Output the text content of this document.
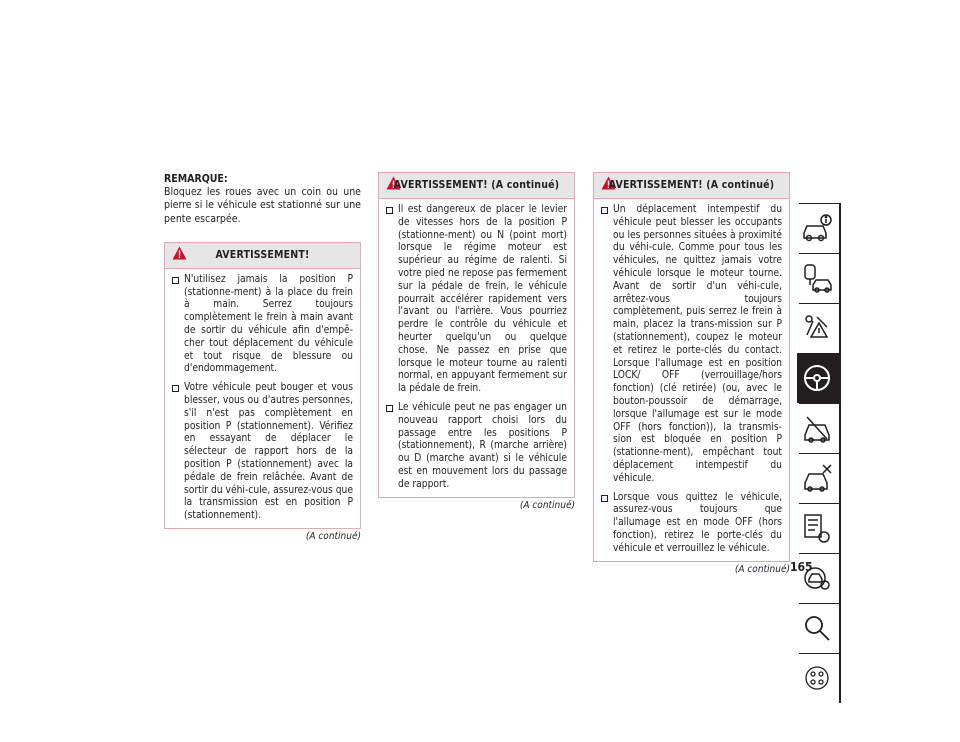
REMARQUE:
Bloquez les roues avec un coin ou une pierre si le véhicule est stationné sur une pente escarpée.
AVERTISSEMENT!
N'utilisez jamais la position P (stationne-ment) à la place du frein à main. Serrez toujours complètement le frein à main avant de sortir du véhicule afin d'empê-cher tout déplacement du véhicule et tout risque de blessure ou d'endommagement.
Votre véhicule peut bouger et vous blesser, vous ou d'autres personnes, s'il n'est pas complètement en position P (stationnement). Vérifiez en essayant de déplacer le sélecteur de rapport hors de la position P (stationnement) avec la pédale de frein relâchée. Avant de sortir du véhi-cule, assurez-vous que la transmission est en position P (stationnement).
(A continué)
AVERTISSEMENT! (A continué)
Il est dangereux de placer le levier de vitesses hors de la position P (stationne-ment) ou N (point mort) lorsque le régime moteur est supérieur au régime de ralenti. Si votre pied ne repose pas fermement sur la pédale de frein, le véhicule pourrait accélérer rapidement vers l'avant ou l'arrière. Vous pourriez perdre le contrôle du véhicule et heurter quelqu'un ou quelque chose. Ne passez en prise que lorsque le moteur tourne au ralenti normal, en appuyant fermement sur la pédale de frein.
Le véhicule peut ne pas engager un nouveau rapport choisi lors du passage entre les positions P (stationnement), R (marche arrière) ou D (marche avant) si le véhicule est en mouvement lors du passage de rapport.
(A continué)
AVERTISSEMENT! (A continué)
Un déplacement intempestif du véhicule peut blesser les occupants ou les personnes situées à proximité du véhi-cule. Comme pour tous les véhicules, ne quittez jamais votre véhicule lorsque le moteur tourne. Avant de sortir d'un véhi-cule, arrêtez-vous toujours complètement, puis serrez le frein à main, placez la trans-mission sur P (stationnement), coupez le moteur et retirez le porte-clés du contact. Lorsque l'allumage est en position LOCK/ OFF (verrouillage/hors fonction) (clé retirée) (ou, avec le bouton-poussoir de démarrage, lorsque l'allumage est sur le mode OFF (hors fonction)), la transmis-sion est bloquée en position P (stationne-ment), empêchant tout déplacement intempestif du véhicule.
Lorsque vous quittez le véhicule, assurez-vous toujours que l'allumage est en mode OFF (hors fonction), retirez le porte-clés du véhicule et verrouillez le véhicule.
(A continué) 165
